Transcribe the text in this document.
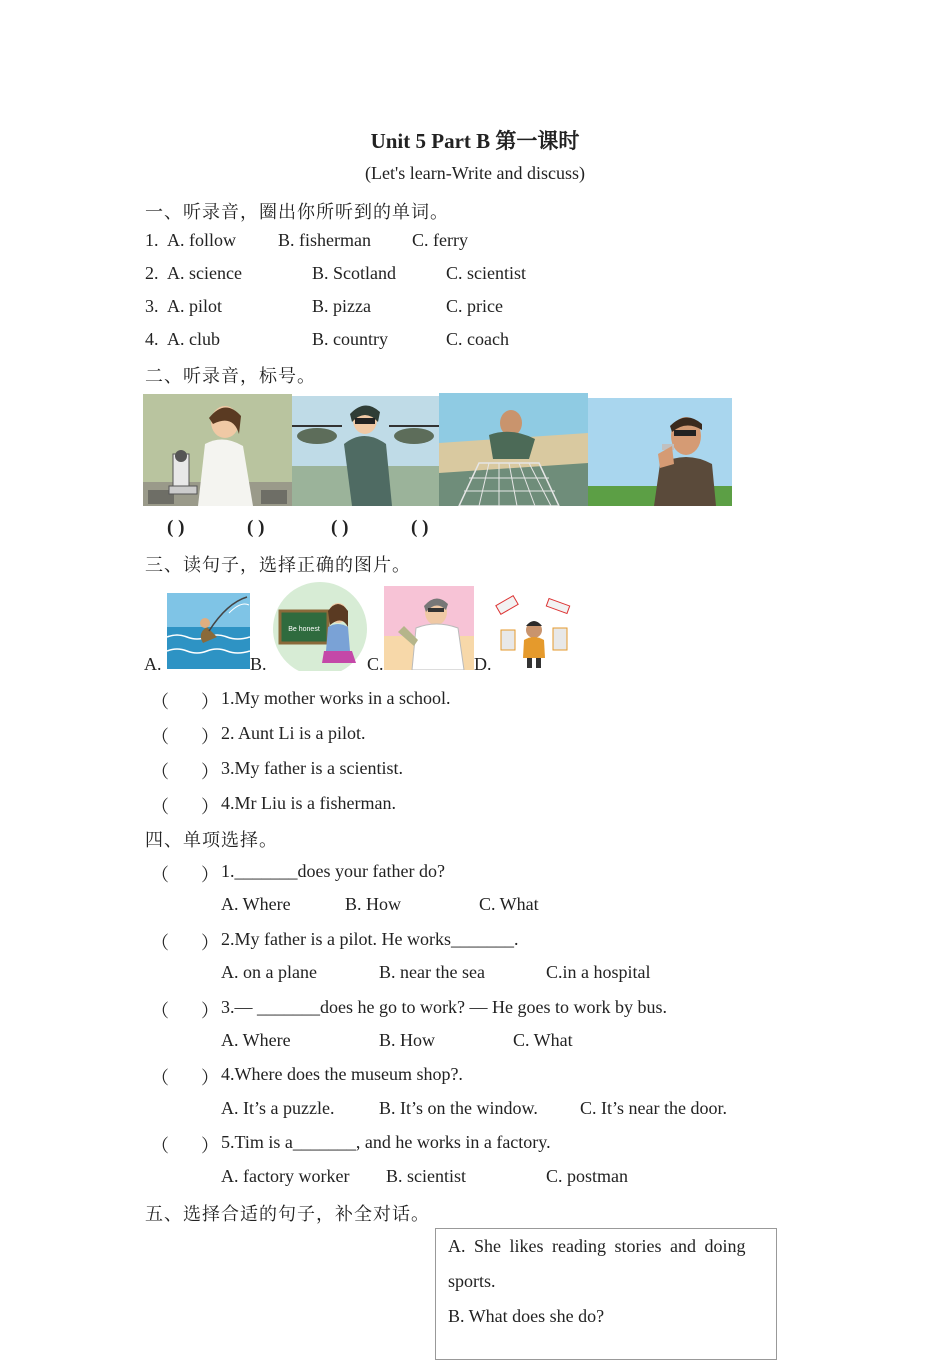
Unit 5 Part B 第一课时
(Let's learn-Write and discuss)
一、听录音，圈出你所听到的单词。
1. A. follow B. fisherman C. ferry
2. A. science	B. Scotland	C. scientist
3. A. pilot	B. pizza	C. price
4. A. club	B. country	C. coach
二、听录音，标号。
( )	( )	( )	( )
三、读句子，选择正确的图片。
A.	B.
Be honest
C.	D.
（ ） 1.My mother works in a school.
（ ） 2. Aunt Li is a pilot.
（ ） 3.My father is a scientist.
（ ） 4.Mr Liu is a fisherman.
四、单项选择。
（ ） 1._______does your father do?
A. Where	B. How	C. What
（ ） 2.My father is a pilot. He works_______.
A. on a plane	B. near the sea	C.in a hospital
（ ） 3.— _______does he go to work? — He goes to work by bus.
A. Where	B. How	C. What
（ ） 4.Where does the museum shop?.
A. It’s a puzzle. B. It’s on the window. C. It’s near the door.
（ ） 5.Tim is a_______, and he works in a factory.
A. factory worker B. scientist	C. postman
五、选择合适的句子，补全对话。

A. She likes reading stories and doing

sports.

B. What does she do?
